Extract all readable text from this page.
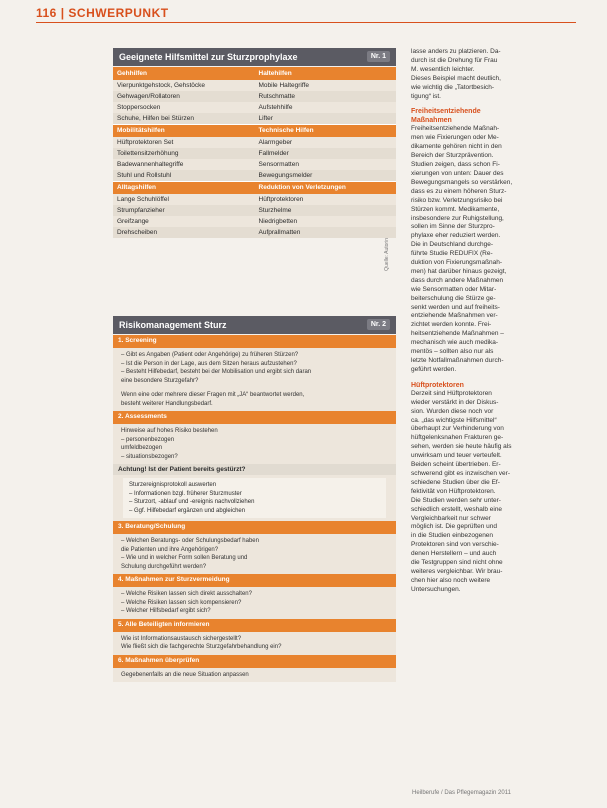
116 | SCHWERPUNKT
Geeignete Hilfsmittel zur Sturzprophylaxe	Nr. 1
Gehhilfen	Haltehilfen
Vierpunktgehstock, Gehstöcke	Mobile Haltegriffe
Gehwagen/Rollatoren	Rutschmatte
Stoppersocken	Aufstehhilfe
Schuhe, Hilfen bei Stürzen	Lifter
Mobilitätshilfen	Technische Hilfen
Hüftprotektoren Set	Alarmgeber
Toilettensitzerhöhung	Fallmelder
Badewannenhaltegriffe	Sensormatten
Stuhl und Rollstuhl	Bewegungsmelder
Alltagshilfen	Reduktion von Verletzungen
Lange Schuhlöffel	Hüftprotektoren
Strumpfanzieher	Sturzhelme
Greifzange	Niedrigbetten
Drehscheiben	Aufprallmatten
Quelle: Autorin
Risikomanagement Sturz	Nr. 2
1. Screening
– Gibt es Angaben (Patient oder Angehörige) zu früheren Stürzen?
– Ist die Person in der Lage, aus dem Sitzen heraus aufzustehen?
– Besteht Hilfebedarf, besteht bei der Mobilisation und ergibt sich daran
eine besondere Sturzgefahr?
Wenn eine oder mehrere dieser Fragen mit „JA“ beantwortet werden,
besteht weiterer Handlungsbedarf.
2. Assessments
Hinweise auf hohes Risiko bestehen
– personenbezogen
umfeldbezogen
– situationsbezogen?
Achtung! Ist der Patient bereits gestürzt?
Sturzereignisprotokoll auswerten
– Informationen bzgl. früherer Sturzmuster
– Sturzort, -ablauf und -ereignis nachvollziehen
– Ggf. Hilfebedarf ergänzen und abgleichen
3. Beratung/Schulung
– Welchen Beratungs- oder Schulungsbedarf haben
die Patienten und ihre Angehörigen?
– Wie und in welcher Form sollen Beratung und
Schulung durchgeführt werden?
4. Maßnahmen zur Sturzvermeidung
– Welche Risiken lassen sich direkt ausschalten?
– Welche Risiken lassen sich kompensieren?
– Welcher Hilfsbedarf ergibt sich?
5. Alle Beteiligten informieren
Wie ist Informationsaustausch sichergestellt?
Wie fließt sich die fachgerechte Sturzgefahrbehandlung ein?
6. Maßnahmen überprüfen
Gegebenenfalls an die neue Situation anpassen

lasse anders zu platzieren. Da-

durch ist die Drehung für Frau

M. wesentlich leichter.

Dieses Beispiel macht deutlich,

wie wichtig die „Tatortbesich-

tigung“ ist.

Freiheitsentziehende
Maßnahmen

Freiheitsentziehende Maßnah-

men wie Fixierungen oder Me-

dikamente gehören nicht in den

Bereich der Sturzprävention.

Studien zeigen, dass schon Fi-

xierungen von unten: Dauer des

Bewegungsmangels so verstärken,

dass es zu einem höheren Sturz-

risiko bzw. Verletzungsrisiko bei

Stürzen kommt. Medikamente,

insbesondere zur Ruhigstellung,

sollen im Sinne der Sturzpro-

phylaxe eher reduziert werden.

Die in Deutschland durchge-

führte Studie REDUFIX (Re-

duktion von Fixierungsmaßnah-

men) hat darüber hinaus gezeigt,

dass durch andere Maßnahmen

wie Sensormatten oder Mitar-

beiterschulung die Stürze ge-

senkt werden und auf freiheits-

entziehende Maßnahmen ver-

zichtet werden konnte. Frei-

heitsentziehende Maßnahmen –

mechanisch wie auch medika-

mentös – sollten also nur als

letzte Notfallmaßnahmen durch-

geführt werden.

Hüftprotektoren

Derzeit sind Hüftprotektoren

wieder verstärkt in der Diskus-

sion. Wurden diese noch vor

ca. „das wichtigste Hilfsmittel“

überhaupt zur Verhinderung von

hüftgelenksnahen Frakturen ge-

sehen, werden sie heute häufig als

unwirksam und teuer verteufelt.

Beiden scheint übertrieben. Er-

schwerend gibt es inzwischen ver-

schiedene Studien über die Ef-

fektivität von Hüftprotektoren.

Die Studien werden sehr unter-

schiedlich erstellt, weshalb eine

Vergleichbarkeit nur schwer

möglich ist. Die geprüften und

in die Studien einbezogenen

Protektoren sind von verschie-

denen Herstellern – und auch

die Testgruppen sind nicht ohne

weiteres vergleichbar. Wir brau-

chen hier also noch weitere

Untersuchungen.

Heilberufe / Das Pflegemagazin 2011
